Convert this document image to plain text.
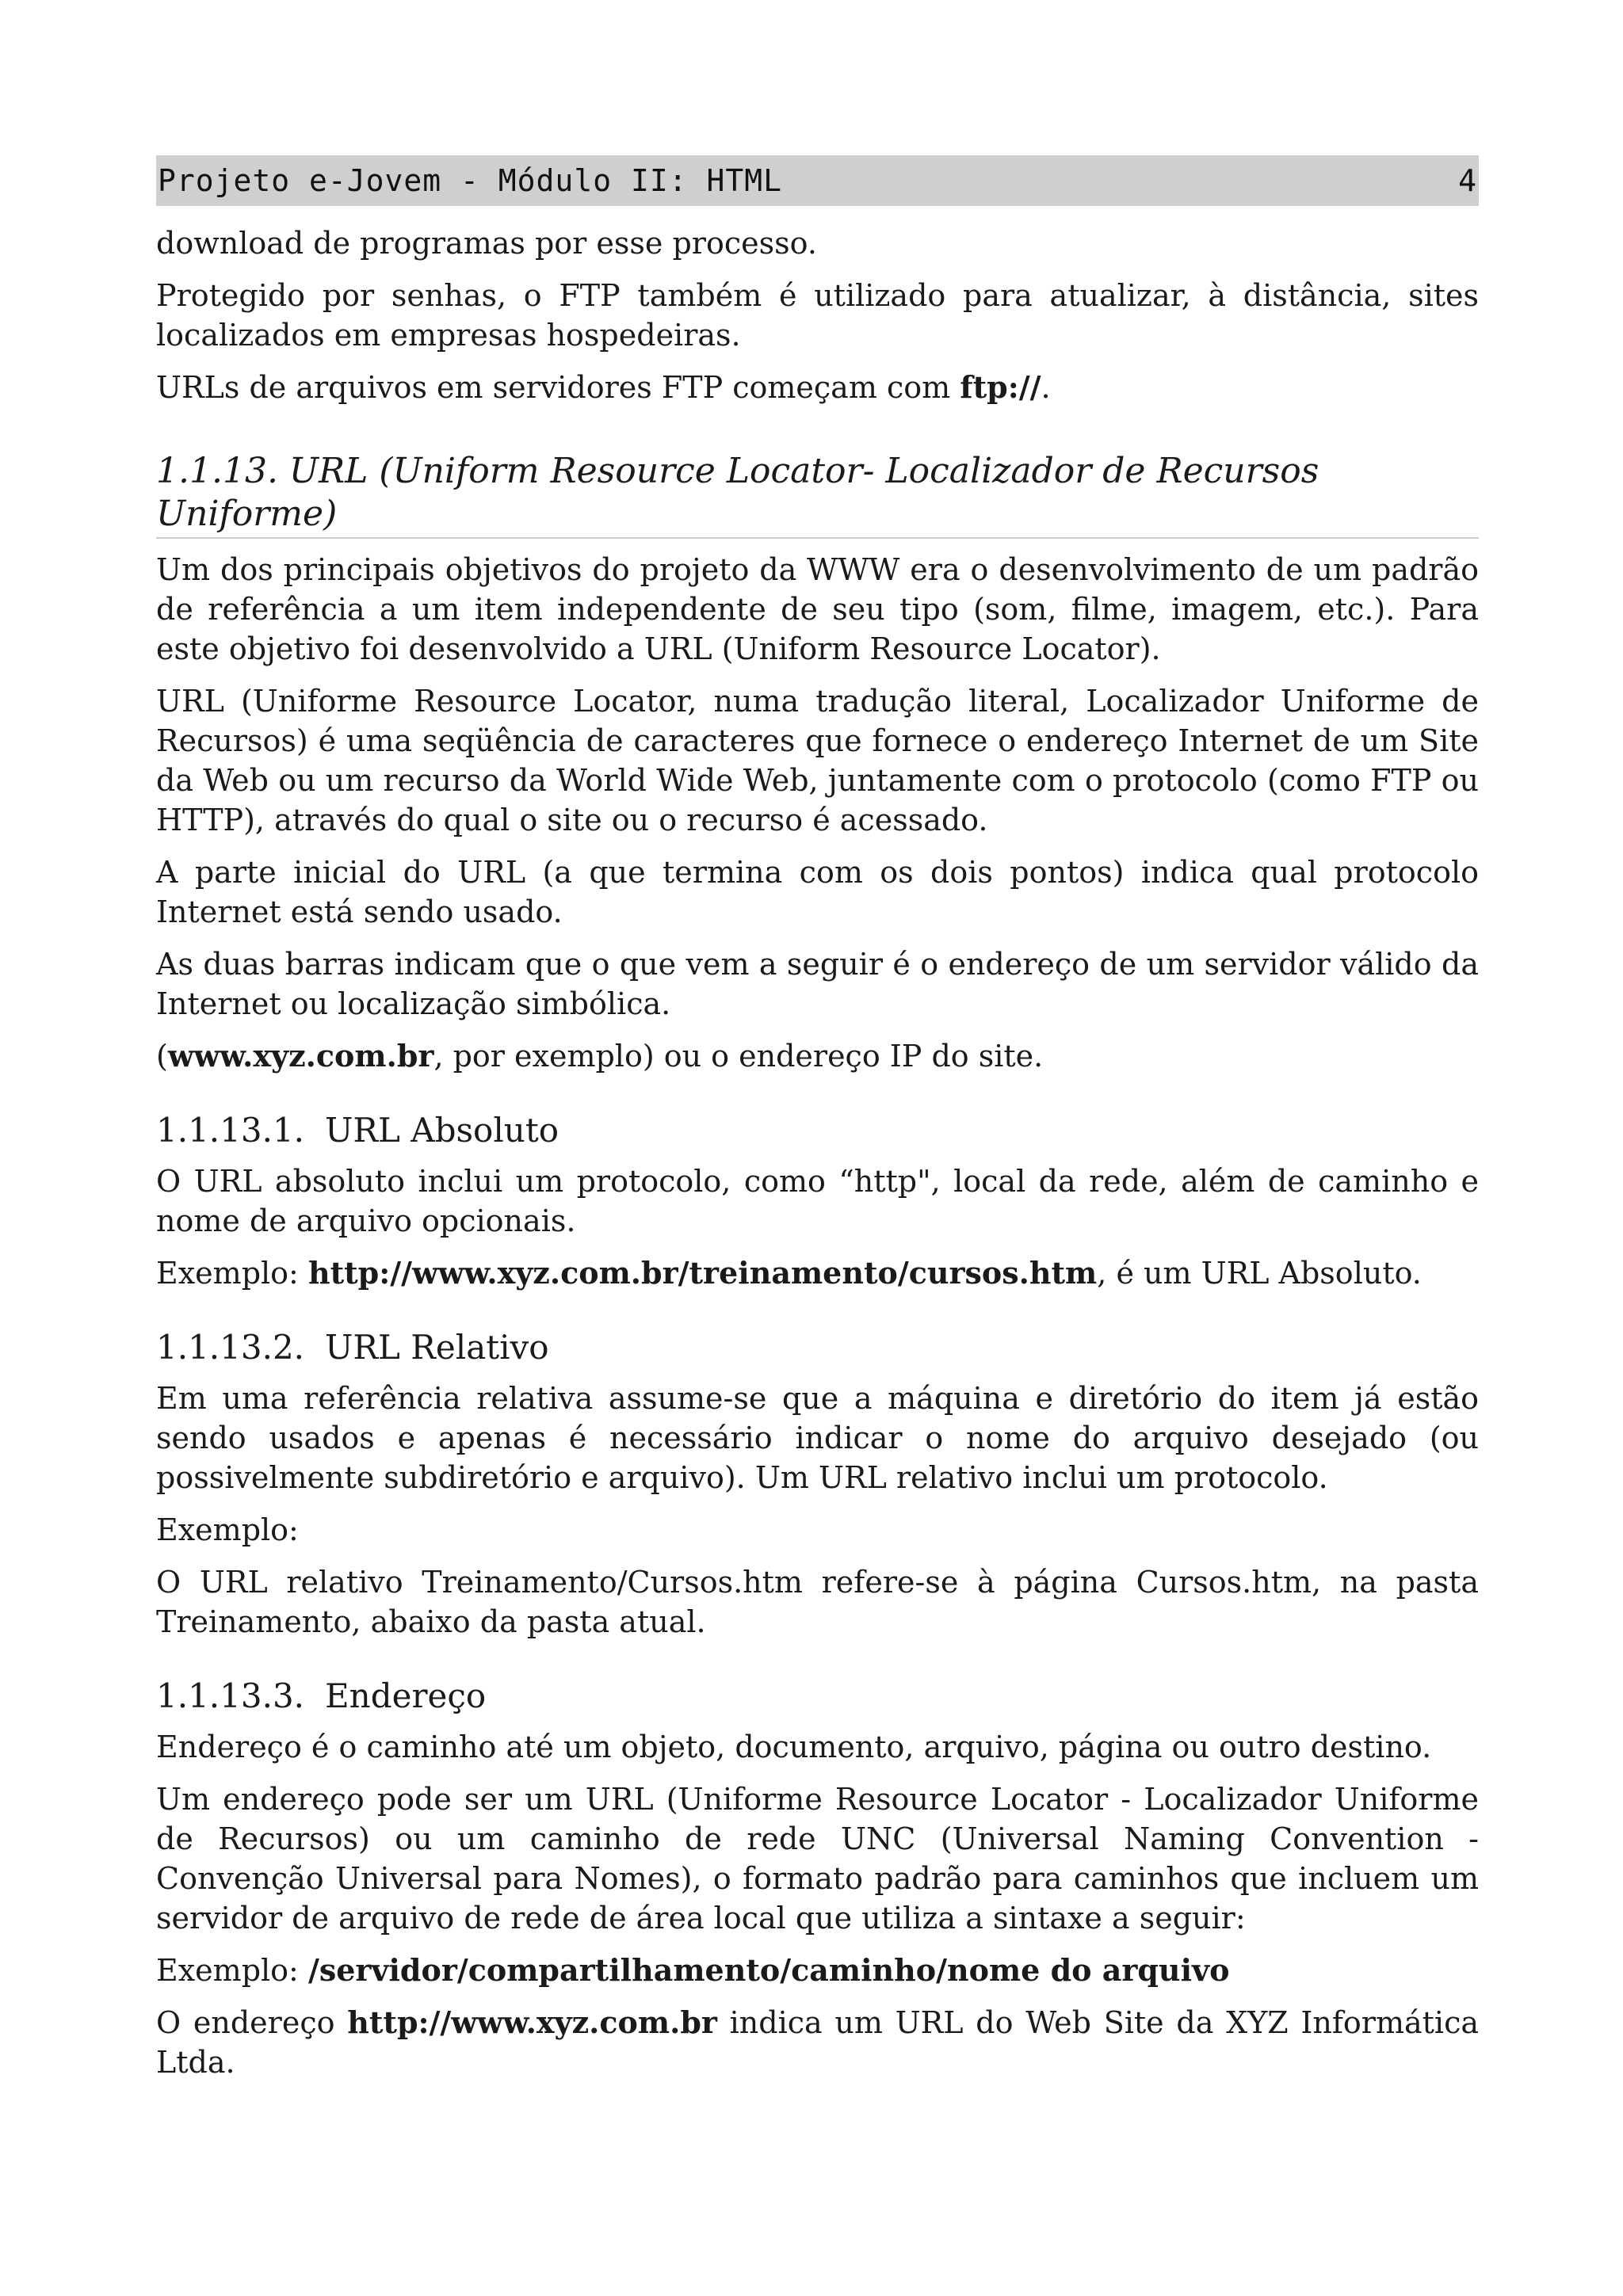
Projeto e-Jovem - Módulo II: HTML	4

download de programas por esse processo.

Protegido por senhas, o FTP também é utilizado para atualizar, à distância, sites localizados em empresas hospedeiras.

URLs de arquivos em servidores FTP começam com ftp://.

1.1.13. URL (Uniform Resource Locator- Localizador de Recursos Uniforme)

Um dos principais objetivos do projeto da WWW era o desenvolvimento de um padrão de referência a um item independente de seu tipo (som, filme, imagem, etc.). Para este objetivo foi desenvolvido a URL (Uniform Resource Locator).

URL (Uniforme Resource Locator, numa tradução literal, Localizador Uniforme de Recursos) é uma seqüência de caracteres que fornece o endereço Internet de um Site da Web ou um recurso da World Wide Web, juntamente com o protocolo (como FTP ou HTTP), através do qual o site ou o recurso é acessado.

A parte inicial do URL (a que termina com os dois pontos) indica qual protocolo   Internet está sendo usado.

As duas barras indicam que o que vem a seguir é o endereço de um servidor válido da Internet ou localização simbólica.

(www.xyz.com.br, por exemplo) ou o endereço IP do site.

1.1.13.1. URL Absoluto

O URL absoluto inclui um protocolo, como “http", local da rede, além de caminho e nome de arquivo opcionais.

Exemplo: http://www.xyz.com.br/treinamento/cursos.htm, é um URL Absoluto.

1.1.13.2. URL Relativo

Em uma referência relativa assume-se que a máquina e diretório do item já estão sendo usados e apenas é necessário indicar o nome do arquivo desejado (ou possivelmente subdiretório e arquivo). Um URL relativo inclui um protocolo.

Exemplo:

O URL relativo Treinamento/Cursos.htm refere-se à página Cursos.htm, na pasta Treinamento, abaixo da pasta atual.

1.1.13.3. Endereço

Endereço é o caminho até um objeto, documento, arquivo, página ou outro destino.

Um endereço pode ser um URL (Uniforme Resource Locator - Localizador Uniforme de Recursos) ou um caminho de rede UNC (Universal Naming Convention - Convenção Universal para Nomes), o formato padrão para caminhos que incluem um servidor de arquivo de rede de área local que utiliza a sintaxe a seguir:

Exemplo: /servidor/compartilhamento/caminho/nome do arquivo

O endereço http://www.xyz.com.br indica um URL do Web Site da XYZ Informática Ltda.
